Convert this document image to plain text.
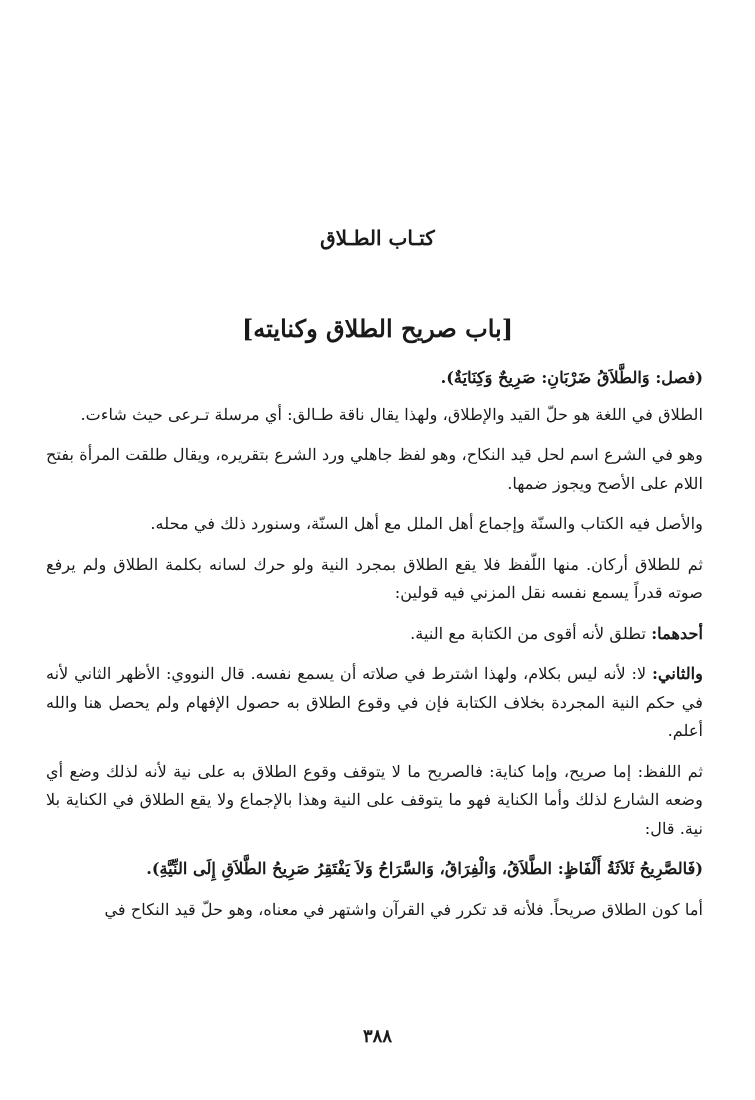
كتـاب الطـلاق
[باب صريح الطلاق وكنايته]

(فصل: وَالطَّلاَقُ ضَرْبَانِ: صَرِيحٌ وَكِنَايَةٌ).

الطلاق في اللغة هو حلّ القيد والإطلاق، ولهذا يقال ناقة طـالق: أي مرسلة تـرعى حيث شاءت.

وهو في الشرع اسم لحل قيد النكاح، وهو لفظ جاهلي ورد الشرع بتقريره، ويقال طلقت المرأة بفتح اللام على الأصح ويجوز ضمها.

والأصل فيه الكتاب والسنّة وإجماع أهل الملل مع أهل السنّة، وسنورد ذلك في محله.

ثم للطلاق أركان. منها اللّفظ فلا يقع الطلاق بمجرد النية ولو حرك لسانه بكلمة الطلاق ولم يرفع صوته قدراً يسمع نفسه نقل المزني فيه قولين:

أحدهما: تطلق لأنه أقوى من الكتابة مع النية.

والثاني: لا: لأنه ليس بكلام، ولهذا اشترط في صلاته أن يسمع نفسه. قال النووي: الأظهر الثاني لأنه في حكم النية المجردة بخلاف الكتابة فإن في وقوع الطلاق به حصول الإفهام ولم يحصل هنا والله أعلم.

ثم اللفظ: إما صريح، وإما كناية: فالصريح ما لا يتوقف وقوع الطلاق به على نية لأنه لذلك وضع أي وضعه الشارع لذلك وأما الكناية فهو ما يتوقف على النية وهذا بالإجماع ولا يقع الطلاق في الكناية بلا نية. قال:

(فَالصَّرِيحُ ثَلاَثَةُ أَلْفَاظٍ: الطَّلاَقُ، وَالْفِرَاقُ، وَالسَّرَاحُ وَلاَ يَفْتَقِرُ صَرِيحُ الطَّلاَقِ إِلَى النِّيَّةِ).

أما كون الطلاق صريحاً. فلأنه قد تكرر في القرآن واشتهر في معناه، وهو حلّ قيد النكاح في

٣٨٨
